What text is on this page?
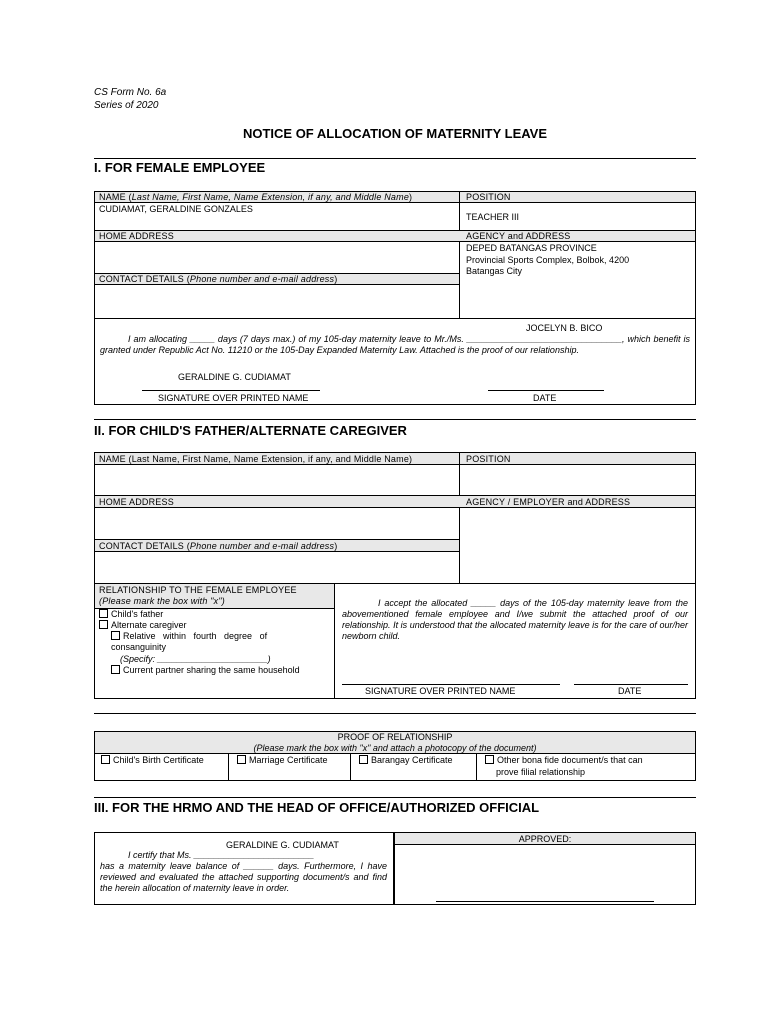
CS Form No. 6a
Series of 2020
NOTICE OF ALLOCATION OF MATERNITY LEAVE
I. FOR FEMALE EMPLOYEE
NAME (Last Name, First Name, Name Extension, if any, and Middle Name)	POSITION
CUDIAMAT, GERALDINE GONZALES
TEACHER III
HOME ADDRESS	AGENCY and ADDRESS
DEPED BATANGAS PROVINCE
Provincial Sports Complex, Bolbok, 4200
Batangas City
CONTACT DETAILS (Phone number and e-mail address)
JOCELYN B. BICO
I am allocating _____ days (7 days max.) of my 105-day maternity leave to Mr./Ms. _______________________________, which benefit is granted under Republic Act No. 11210 or the 105-Day Expanded Maternity Law. Attached is the proof of our relationship.
GERALDINE G. CUDIAMAT
SIGNATURE OVER PRINTED NAME	DATE
II. FOR CHILD'S FATHER/ALTERNATE CAREGIVER
NAME (Last Name, First Name, Name Extension, if any, and Middle Name)	POSITION
HOME ADDRESS	AGENCY / EMPLOYER and ADDRESS
CONTACT DETAILS (Phone number and e-mail address)
RELATIONSHIP TO THE FEMALE EMPLOYEE
(Please mark the box with "x")
Child's father
Alternate caregiver
Relative   within   fourth   degree   of
consanguinity
(Specify: ______________________)
Current partner sharing the same household
I accept the allocated _____ days of the 105-day maternity leave from the abovementioned female employee and I/we submit the attached proof of our relationship. It is understood that the allocated maternity leave is for the care of our/her newborn child.
SIGNATURE OVER PRINTED NAME	DATE
PROOF OF RELATIONSHIP
(Please mark the box with "x" and attach a photocopy of the document)
Child's Birth Certificate	Marriage Certificate	Barangay Certificate	Other bona fide document/s that can
prove filial relationship
III. FOR THE HRMO AND THE HEAD OF OFFICE/AUTHORIZED OFFICIAL
GERALDINE G. CUDIAMAT
I certify that Ms. ________________________
has a maternity leave balance of ______ days. Furthermore, I have reviewed and evaluated the attached supporting document/s and find the herein allocation of maternity leave in order.
APPROVED:
